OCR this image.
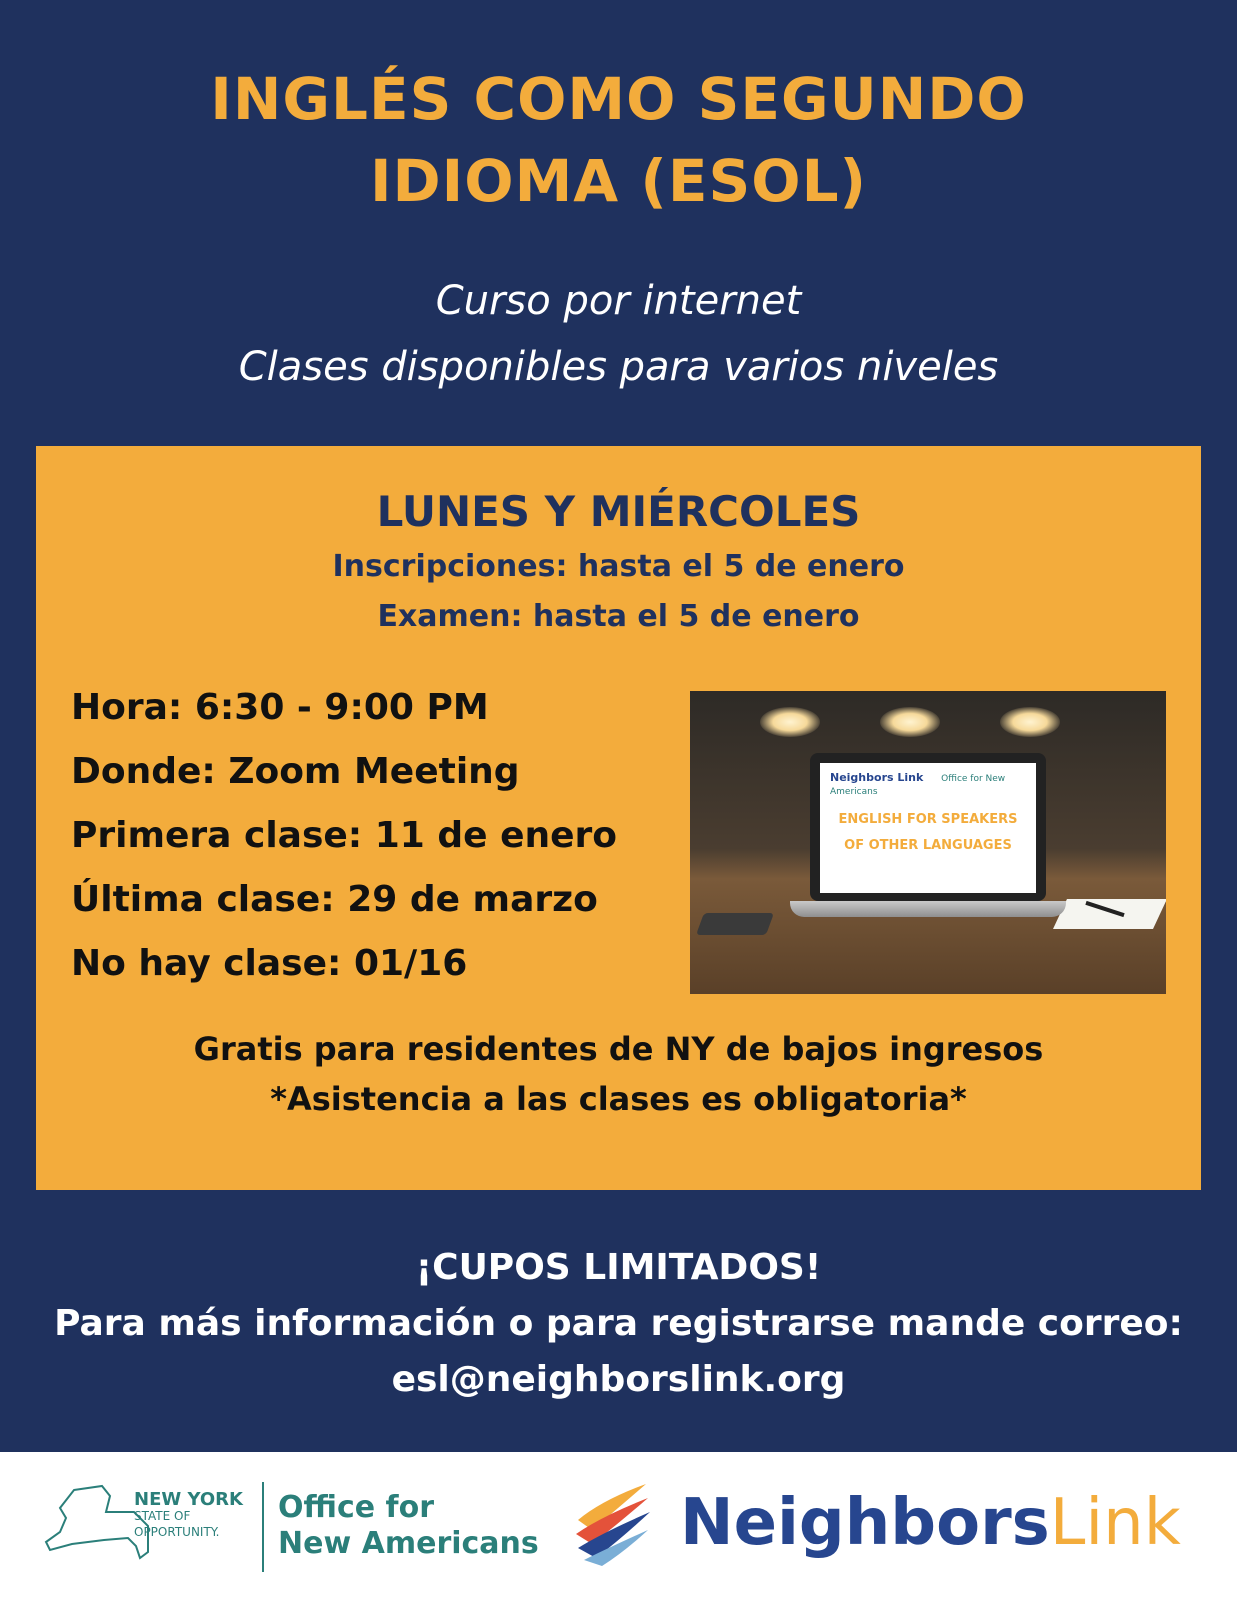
INGLÉS COMO SEGUNDO
IDIOMA (ESOL)
Curso por internet
Clases disponibles para varios niveles
LUNES Y MIÉRCOLES
Inscripciones: hasta el 5 de enero
Examen: hasta el 5 de enero
Hora: 6:30 - 9:00 PM
Donde: Zoom Meeting
Primera clase: 11 de enero
Última clase: 29 de marzo
No hay clase: 01/16
Neighbors Link Office for New Americans
ENGLISH FOR SPEAKERS
OF OTHER LANGUAGES
Gratis para residentes de NY de bajos ingresos
*Asistencia a las clases es obligatoria*
¡CUPOS LIMITADOS!
Para más información o para registrarse mande correo:
esl@neighborslink.org
NEW YORK
STATE OF
OPPORTUNITY.
Office for
New Americans NeighborsLink
